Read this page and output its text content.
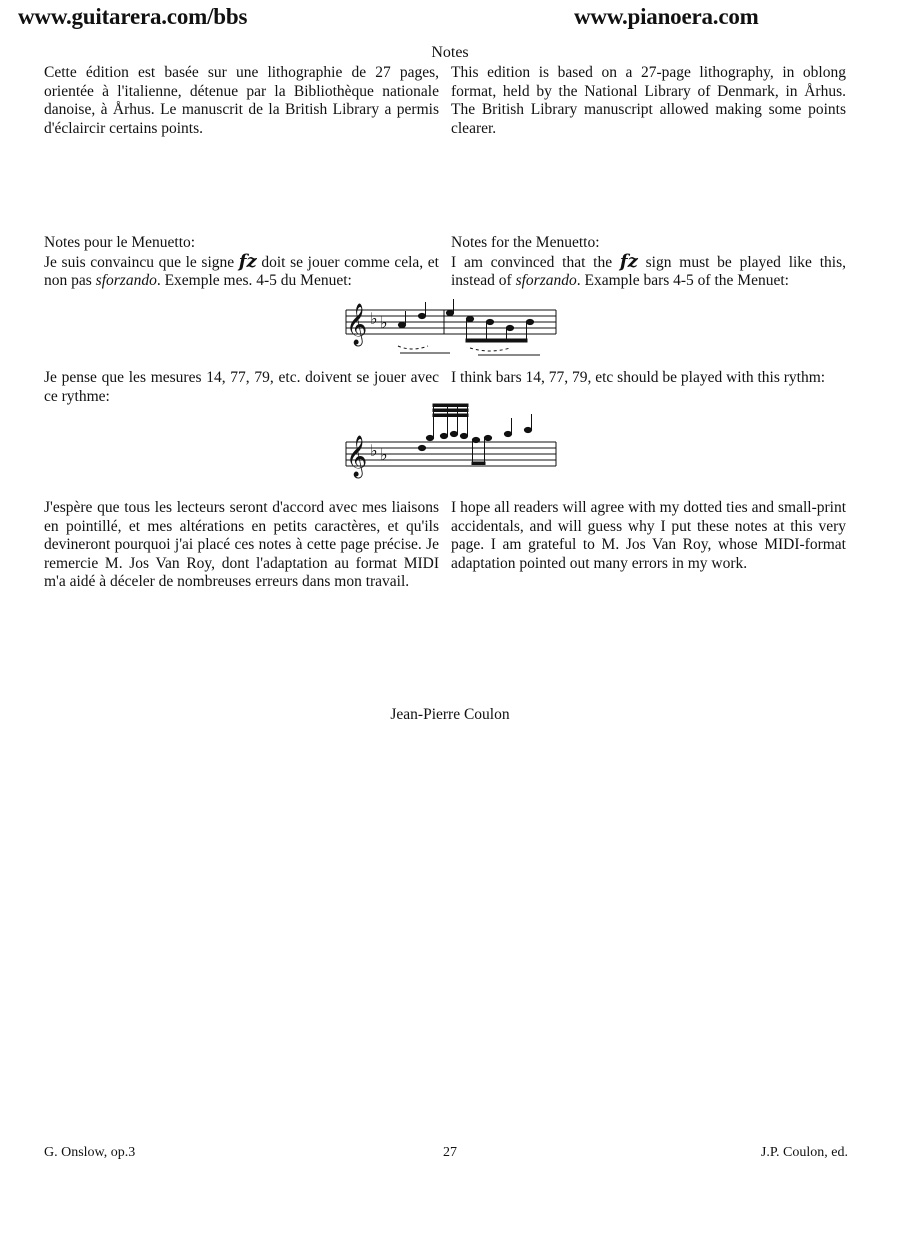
www.guitarera.com/bbs	www.pianoera.com
Notes
Cette édition est basée sur une lithographie de 27 pages, orientée à l'italienne, détenue par la Bibliothèque nationale danoise, à Århus. Le manuscrit de la British Library a permis d'éclaircir certains points.
This edition is based on a 27-page lithography, in oblong format, held by the National Library of Denmark, in Århus. The British Library manuscript allowed making some points clearer.
Notes pour le Menuetto:
Je suis convaincu que le signe fz doit se jouer comme cela, et non pas sforzando. Exemple mes. 4-5 du Menuet:
Notes for the Menuetto:
I am convinced that the fz sign must be played like this, instead of sforzando. Example bars 4-5 of the Menuet:
𝄞 ♭ ♭
Je pense que les mesures 14, 77, 79, etc. doivent se jouer avec ce rythme:
I think bars 14, 77, 79, etc should be played with this rythm:
𝄞 ♭ ♭
J'espère que tous les lecteurs seront d'accord avec mes liaisons en pointillé, et mes altérations en petits caractères, et qu'ils devineront pourquoi j'ai placé ces notes à cette page précise. Je remercie M. Jos Van Roy, dont l'adaptation au format MIDI m'a aidé à déceler de nombreuses erreurs dans mon travail.
I hope all readers will agree with my dotted ties and small-print accidentals, and will guess why I put these notes at this very page. I am grateful to M. Jos Van Roy, whose MIDI-format adaptation pointed out many errors in my work.
Jean-Pierre Coulon
G. Onslow, op.3	27	J.P. Coulon, ed.
